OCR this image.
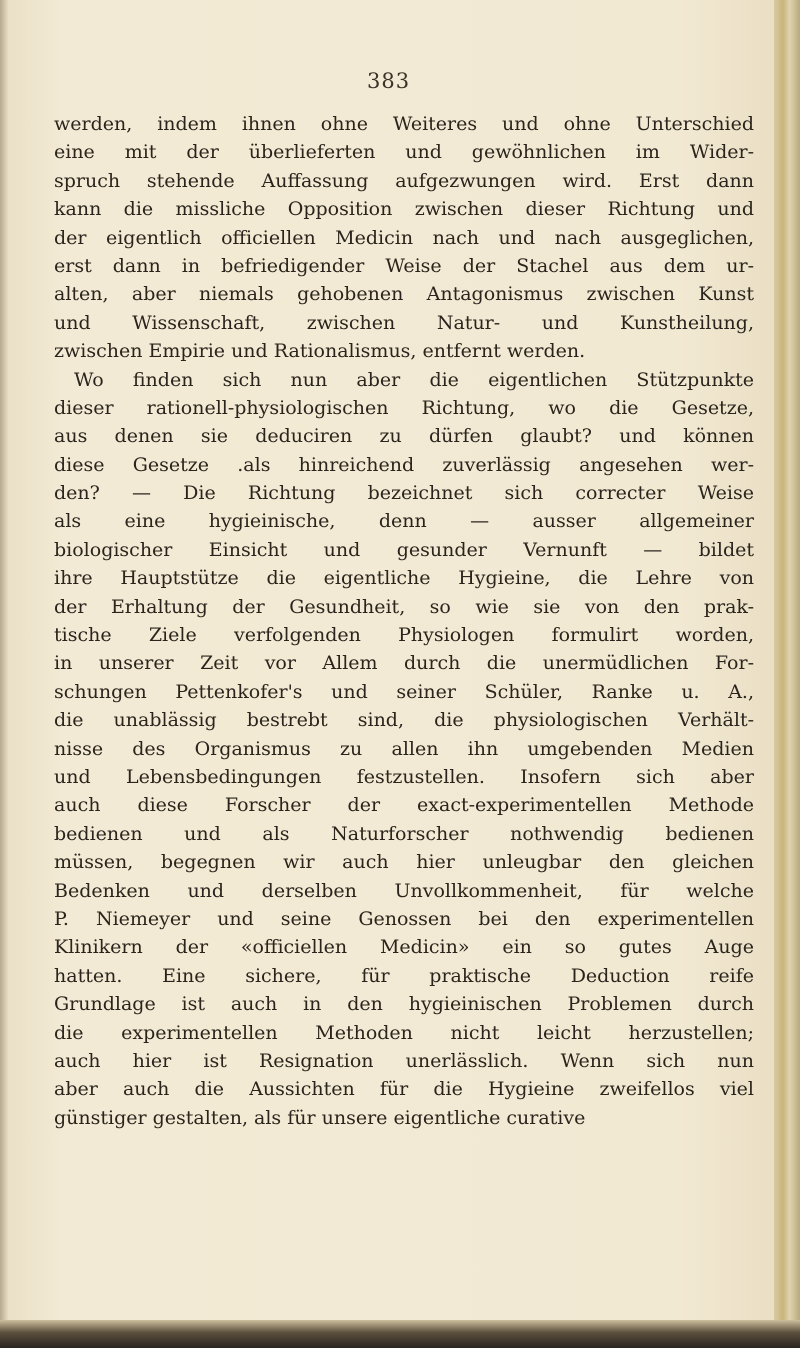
383
werden, indem ihnen ohne Weiteres und ohne Unterschied
eine mit der überlieferten und gewöhnlichen im Wider-
spruch stehende Auffassung aufgezwungen wird. Erst dann
kann die missliche Opposition zwischen dieser Richtung und
der eigentlich officiellen Medicin nach und nach ausgeglichen,
erst dann in befriedigender Weise der Stachel aus dem ur-
alten, aber niemals gehobenen Antagonismus zwischen Kunst
und Wissenschaft, zwischen Natur- und Kunstheilung,
zwischen Empirie und Rationalismus, entfernt werden.
Wo finden sich nun aber die eigentlichen Stützpunkte
dieser rationell-physiologischen Richtung, wo die Gesetze,
aus denen sie deduciren zu dürfen glaubt? und können
diese Gesetze .als hinreichend zuverlässig angesehen wer-
den? — Die Richtung bezeichnet sich correcter Weise
als eine hygieinische, denn — ausser allgemeiner
biologischer Einsicht und gesunder Vernunft — bildet
ihre Hauptstütze die eigentliche Hygieine, die Lehre von
der Erhaltung der Gesundheit, so wie sie von den prak-
tische Ziele verfolgenden Physiologen formulirt worden,
in unserer Zeit vor Allem durch die unermüdlichen For-
schungen Pettenkofer's und seiner Schüler, Ranke u. A.,
die unablässig bestrebt sind, die physiologischen Verhält-
nisse des Organismus zu allen ihn umgebenden Medien
und Lebensbedingungen festzustellen. Insofern sich aber
auch diese Forscher der exact-experimentellen Methode
bedienen und als Naturforscher nothwendig bedienen
müssen, begegnen wir auch hier unleugbar den gleichen
Bedenken und derselben Unvollkommenheit, für welche
P. Niemeyer und seine Genossen bei den experimentellen
Klinikern der «officiellen Medicin» ein so gutes Auge
hatten. Eine sichere, für praktische Deduction reife
Grundlage ist auch in den hygieinischen Problemen durch
die experimentellen Methoden nicht leicht herzustellen;
auch hier ist Resignation unerlässlich. Wenn sich nun
aber auch die Aussichten für die Hygieine zweifellos viel
günstiger gestalten, als für unsere eigentliche curative
